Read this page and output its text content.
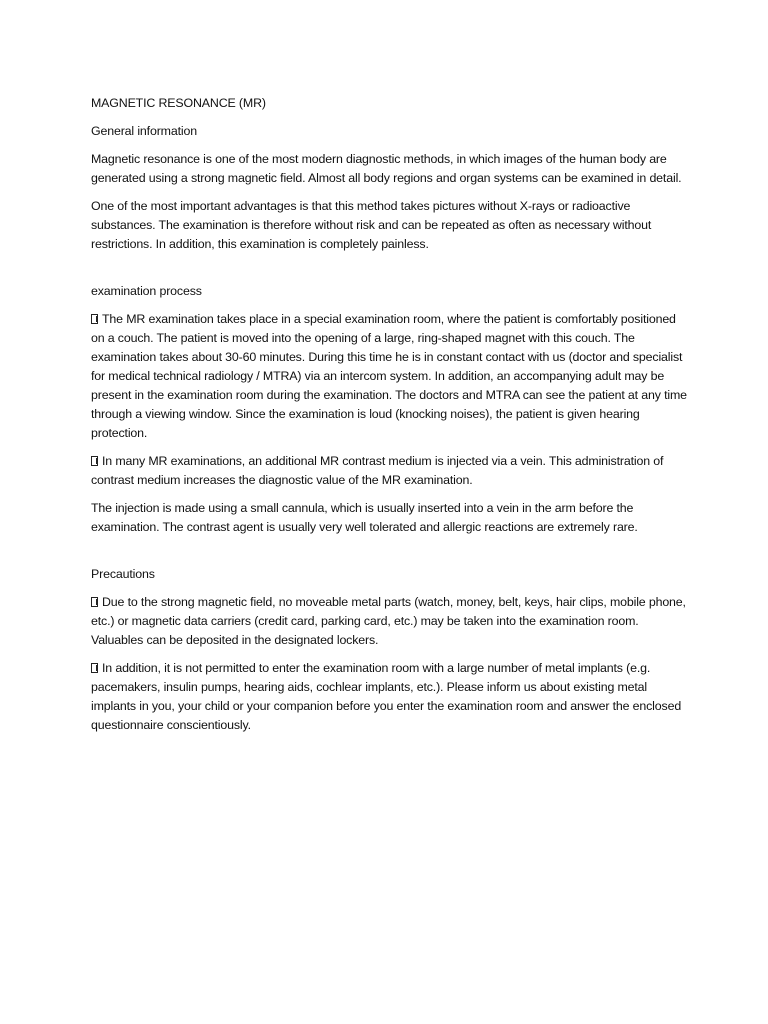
MAGNETIC RESONANCE (MR)

General information

Magnetic resonance is one of the most modern diagnostic methods, in which images of the human body are generated using a strong magnetic field. Almost all body regions and organ systems can be examined in detail.

One of the most important advantages is that this method takes pictures without X-rays or radioactive substances. The examination is therefore without risk and can be repeated as often as necessary without restrictions. In addition, this examination is completely painless.

examination process

The MR examination takes place in a special examination room, where the patient is comfortably positioned on a couch. The patient is moved into the opening of a large, ring-shaped magnet with this couch. The examination takes about 30-60 minutes. During this time he is in constant contact with us (doctor and specialist for medical technical radiology / MTRA) via an intercom system. In addition, an accompanying adult may be present in the examination room during the examination. The doctors and MTRA can see the patient at any time through a viewing window. Since the examination is loud (knocking noises), the patient is given hearing protection.

In many MR examinations, an additional MR contrast medium is injected via a vein. This administration of contrast medium increases the diagnostic value of the MR examination.

The injection is made using a small cannula, which is usually inserted into a vein in the arm before the examination. The contrast agent is usually very well tolerated and allergic reactions are extremely rare.

Precautions

Due to the strong magnetic field, no moveable metal parts (watch, money, belt, keys, hair clips, mobile phone, etc.) or magnetic data carriers (credit card, parking card, etc.) may be taken into the examination room. Valuables can be deposited in the designated lockers.

In addition, it is not permitted to enter the examination room with a large number of metal implants (e.g. pacemakers, insulin pumps, hearing aids, cochlear implants, etc.). Please inform us about existing metal implants in you, your child or your companion before you enter the examination room and answer the enclosed questionnaire conscientiously.
